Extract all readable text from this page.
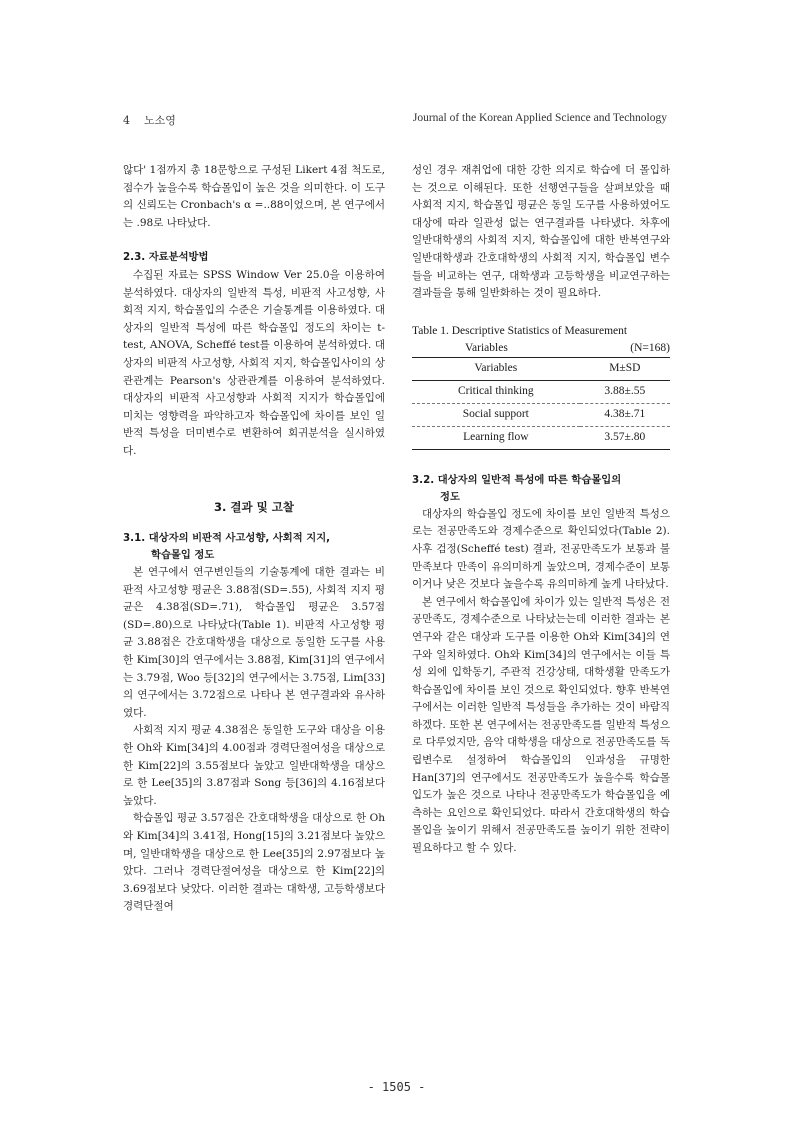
4 노소영	Journal of the Korean Applied Science and Technology

않다' 1점까지 총 18문항으로 구성된 Likert 4점 척도로, 점수가 높을수록 학습몰입이 높은 것을 의미한다. 이 도구의 신뢰도는 Cronbach's α =..88이었으며, 본 연구에서는 .98로 나타났다.

2.3. 자료분석방법

수집된 자료는 SPSS Window Ver 25.0을 이용하여 분석하였다. 대상자의 일반적 특성, 비판적 사고성향, 사회적 지지, 학습몰입의 수준은 기술통계를 이용하였다. 대상자의 일반적 특성에 따른 학습몰입 정도의 차이는 t-test, ANOVA, Scheffé test를 이용하여 분석하였다. 대상자의 비판적 사고성향, 사회적 지지, 학습몰입사이의 상관관계는 Pearson's 상관관계를 이용하여 분석하였다. 대상자의 비판적 사고성향과 사회적 지지가 학습몰입에 미치는 영향력을 파악하고자 학습몰입에 차이를 보인 일반적 특성을 더미변수로 변환하여 회귀분석을 실시하였다.

3. 결과 및 고찰

3.1. 대상자의 비판적 사고성향, 사회적 지지,
학습몰입 정도

본 연구에서 연구변인들의 기술통계에 대한 결과는 비판적 사고성향 평균은 3.88점(SD=.55), 사회적 지지 평균은 4.38점(SD=.71), 학습몰입 평균은 3.57점(SD=.80)으로 나타났다(Table 1). 비판적 사고성향 평균 3.88점은 간호대학생을 대상으로 동일한 도구를 사용한 Kim[30]의 연구에서는 3.88점, Kim[31]의 연구에서는 3.79점, Woo 등[32]의 연구에서는 3.75점, Lim[33]의 연구에서는 3.72점으로 나타나 본 연구결과와 유사하였다.

사회적 지지 평균 4.38점은 동일한 도구와 대상을 이용한 Oh와 Kim[34]의 4.00점과 경력단절여성을 대상으로 한 Kim[22]의 3.55점보다 높았고 일반대학생을 대상으로 한 Lee[35]의 3.87점과 Song 등[36]의 4.16점보다 높았다.

학습몰입 평균 3.57점은 간호대학생을 대상으로 한 Oh와 Kim[34]의 3.41점, Hong[15]의 3.21점보다 높았으며, 일반대학생을 대상으로 한 Lee[35]의 2.97점보다 높았다. 그러나 경력단절여성을 대상으로 한 Kim[22]의 3.69점보다 낮았다. 이러한 결과는 대학생, 고등학생보다 경력단절여

성인 경우 재취업에 대한 강한 의지로 학습에 더 몰입하는 것으로 이해된다. 또한 선행연구들을 살펴보았을 때 사회적 지지, 학습몰입 평균은 동일 도구를 사용하였어도 대상에 따라 일관성 없는 연구결과를 나타냈다. 차후에 일반대학생의 사회적 지지, 학습몰입에 대한 반복연구와 일반대학생과 간호대학생의 사회적 지지, 학습몰입 변수들을 비교하는 연구, 대학생과 고등학생을 비교연구하는 결과들을 통해 일반화하는 것이 필요하다.

Table 1. Descriptive Statistics of Measurement
Variables	(N=168)
Variables	M±SD
Critical thinking	3.88±.55
Social support	4.38±.71
Learning flow	3.57±.80

3.2. 대상자의 일반적 특성에 따른 학습몰입의
정도

대상자의 학습몰입 정도에 차이를 보인 일반적 특성으로는 전공만족도와 경제수준으로 확인되었다(Table 2). 사후 검정(Scheffé test) 결과, 전공만족도가 보통과 불만족보다 만족이 유의미하게 높았으며, 경제수준이 보통이거나 낮은 것보다 높을수록 유의미하게 높게 나타났다.

본 연구에서 학습몰입에 차이가 있는 일반적 특성은 전공만족도, 경제수준으로 나타났는는데 이러한 결과는 본 연구와 같은 대상과 도구를 이용한 Oh와 Kim[34]의 연구와 일치하였다. Oh와 Kim[34]의 연구에서는 이들 특성 외에 입학동기, 주관적 건강상태, 대학생활 만족도가 학습몰입에 차이를 보인 것으로 확인되었다. 향후 반복연구에서는 이러한 일반적 특성들을 추가하는 것이 바람직하겠다. 또한 본 연구에서는 전공만족도를 일반적 특성으로 다루었지만, 음악 대학생을 대상으로 전공만족도를 독립변수로 설정하여 학습몰입의 인과성을 규명한 Han[37]의 연구에서도 전공만족도가 높을수록 학습몰입도가 높은 것으로 나타나 전공만족도가 학습몰입을 예측하는 요인으로 확인되었다. 따라서 간호대학생의 학습몰입을 높이기 위해서 전공만족도를 높이기 위한 전략이 필요하다고 할 수 있다.

- 1505 -
